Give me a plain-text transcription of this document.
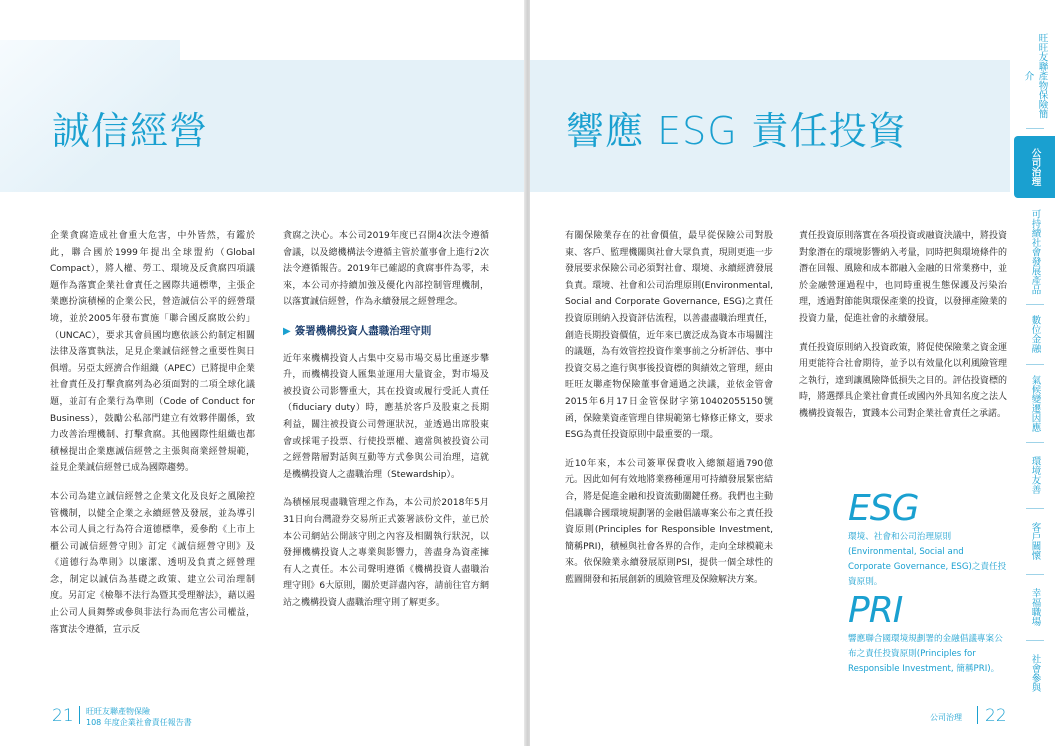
誠信經營

企業貪腐造成社會重大危害，中外皆然，有鑑於此，聯合國於1999年提出全球盟約（Global Compact），將人權、勞工、環境及反貪腐四項議題作為落實企業社會責任之國際共通標準，主張企業應扮演積極的企業公民，營造誠信公平的經營環境，並於2005年發布實施「聯合國反腐敗公約」（UNCAC），要求其會員國均應依該公約制定相關法律及落實執法，足見企業誠信經營之重要性與日俱增。另亞太經濟合作組織（APEC）已將提申企業社會責任及打擊貪腐列為必須面對的二項全球化議題，並訂有企業行為準則（Code of Conduct for Business），鼓勵公私部門建立有效夥伴關係，致力改善治理機制、打擊貪腐。其他國際性組織也都積極提出企業應誠信經營之主張與商業經營規範，益見企業誠信經營已成為國際趨勢。

本公司為建立誠信經營之企業文化及良好之風險控管機制，以健全企業之永續經營及發展，並為導引本公司人員之行為符合道德標準，爰參酌《上市上櫃公司誠信經營守則》訂定《誠信經營守則》及《道德行為準則》以廉潔、透明及負責之經營理念，制定以誠信為基礎之政策、建立公司治理制度。另訂定《檢舉不法行為暨其受理辦法》，藉以遏止公司人員舞弊或參與非法行為而危害公司權益，落實法令遵循，宣示反

貪腐之決心。本公司2019年度已召開4次法令遵循會議，以及總機構法令遵循主管於董事會上進行2次法令遵循報告。2019年已確認的貪腐事件為零，未來，本公司亦持續加強及優化內部控制管理機制，以落實誠信經營，作為永續發展之經營理念。

▶ 簽署機構投資人盡職治理守則

近年來機構投資人占集中交易市場交易比重逐步攀升，而機構投資人匯集並運用大量資金，對市場及被投資公司影響重大，其在投資或履行受託人責任（fiduciary duty）時，應基於客戶及股東之長期利益，關注被投資公司營運狀況，並透過出席股東會或採電子投票、行使投票權、適當與被投資公司之經營階層對話與互動等方式參與公司治理，這就是機構投資人之盡職治理（Stewardship）。

為積極展現盡職管理之作為，本公司於2018年5月31日向台灣證券交易所正式簽署該份文件，並已於本公司網站公開該守則之內容及相關執行狀況，以發揮機構投資人之專業與影響力，善盡身為資產擁有人之責任。本公司聲明遵循《機構投資人盡職治理守則》6大原則，關於更詳盡內容，請前往官方網站之機構投資人盡職治理守則了解更多。

21 旺旺友聯產物保險
108 年度企業社會責任報告書
響應 ESG 責任投資

有關保險業存在的社會價值，最早從保險公司對股東、客戶、監理機關與社會大眾負責，現則更進一步發展要求保險公司必須對社會、環境、永續經濟發展負責。環境、社會和公司治理原則(Environmental, Social and Corporate Governance, ESG)之責任投資原則納入投資評估流程，以善盡盡職治理責任，創造長期投資價值，近年來已廣泛成為資本市場關注的議題，為有效管控投資作業事前之分析評估、事中投資交易之進行與事後投資標的與績效之管理，經由旺旺友聯產物保險董事會通過之決議，並依金管會2015年6月17日金管保財字第10402055150號函，保險業資產管理自律規範第七條修正條文，要求ESG為責任投資原則中最重要的一環。

近10年來，本公司簽單保費收入總額超過790億元。因此如何有效地將業務種運用可持續發展緊密結合，將是促進金融和投資流動關鍵任務。我們也主動倡議聯合國環境規劃署的金融倡議專案公布之責任投資原則(Principles for Responsible Investment, 簡稱PRI)，積極與社會各界的合作，走向全球模範未來。依保險業永續發展原則PSI，提供一個全球性的藍圖開發和拓展創新的風險管理及保險解決方案。

責任投資原則落實在各項投資或融資決議中，將投資對象潛在的環境影響納入考量，同時把與環境條件的潛在回報、風險和成本都融入金融的日常業務中，並於金融營運過程中，也同時重視生態保護及污染治理，透過對節能與環保產業的投資，以發揮產險業的投資力量，促進社會的永續發展。

責任投資原則納入投資政策，將促使保險業之資金運用更能符合社會期待，並予以有效量化以利風險管理之執行，達到讓風險降低損失之目的。評估投資標的時，將選擇具企業社會責任或國內外具知名度之法人機構投資報告，實踐本公司對企業社會責任之承諾。

ESG
環境、社會和公司治理原則(Environmental, Social and Corporate Governance, ESG)之責任投資原則。
PRI
響應聯合國環境規劃署的金融倡議專案公布之責任投資原則(Principles for Responsible Investment, 簡稱PRI)。
公司治理 22
旺旺友聯產物保險簡介
公司治理
可持續社會發展產品
數位金融
氣候變遷因應
環境友善
客戶關懷
幸福職場
社會參與
